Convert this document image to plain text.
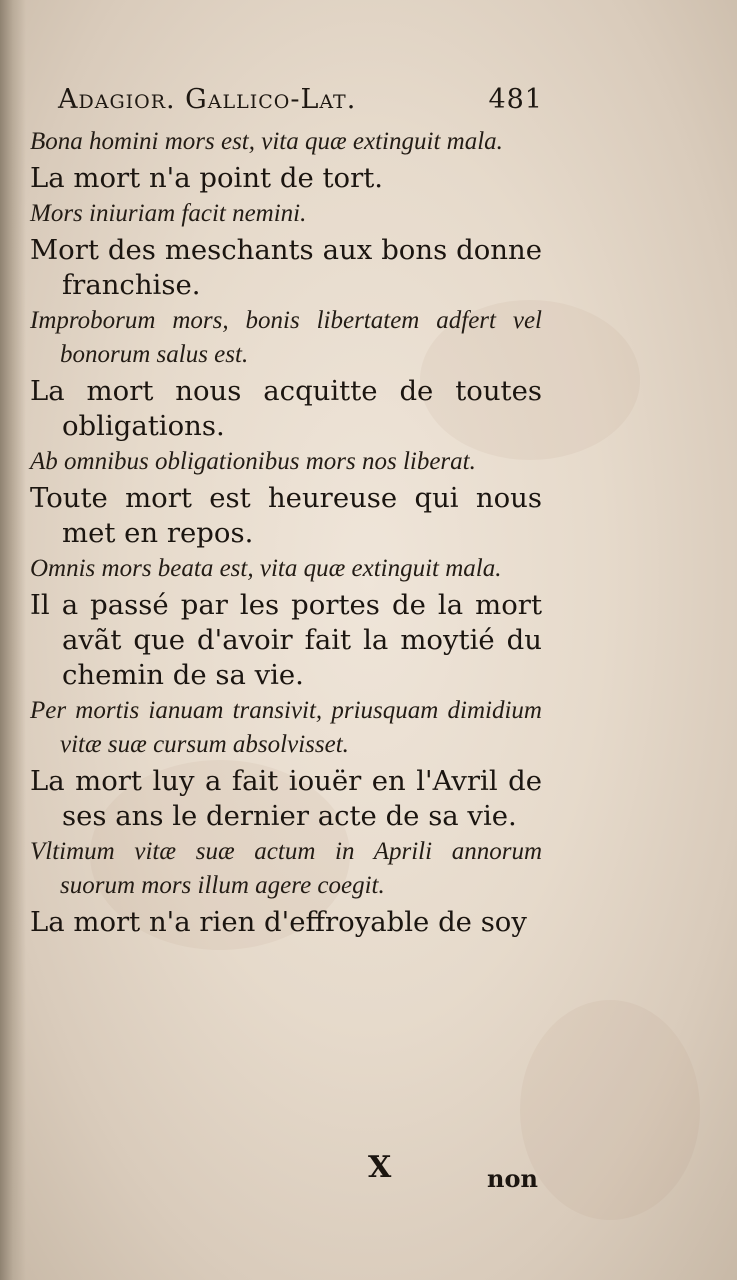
Adagior. Gallico-Lat.	481

Bona homini mors est, vita quæ extinguit mala.

La mort n'a point de tort.

Mors iniuriam facit nemini.

Mort des meschants aux bons donne franchise.

Improborum mors, bonis libertatem adfert vel bonorum salus est.

La mort nous acquitte de toutes obligations.

Ab omnibus obligationibus mors nos liberat.

Toute mort est heureuse qui nous met en repos.

Omnis mors beata est, vita quæ extinguit mala.

Il a passé par les portes de la mort avãt que d'avoir fait la moytié du chemin de sa vie.

Per mortis ianuam transivit, priusquam dimidium vitæ suæ cursum absolvisset.

La mort luy a fait iouër en l'Avril de ses ans le dernier acte de sa vie.

Vltimum vitæ suæ actum in Aprili annorum suorum mors illum agere coegit.

La mort n'a rien d'effroyable de soy

X	non
